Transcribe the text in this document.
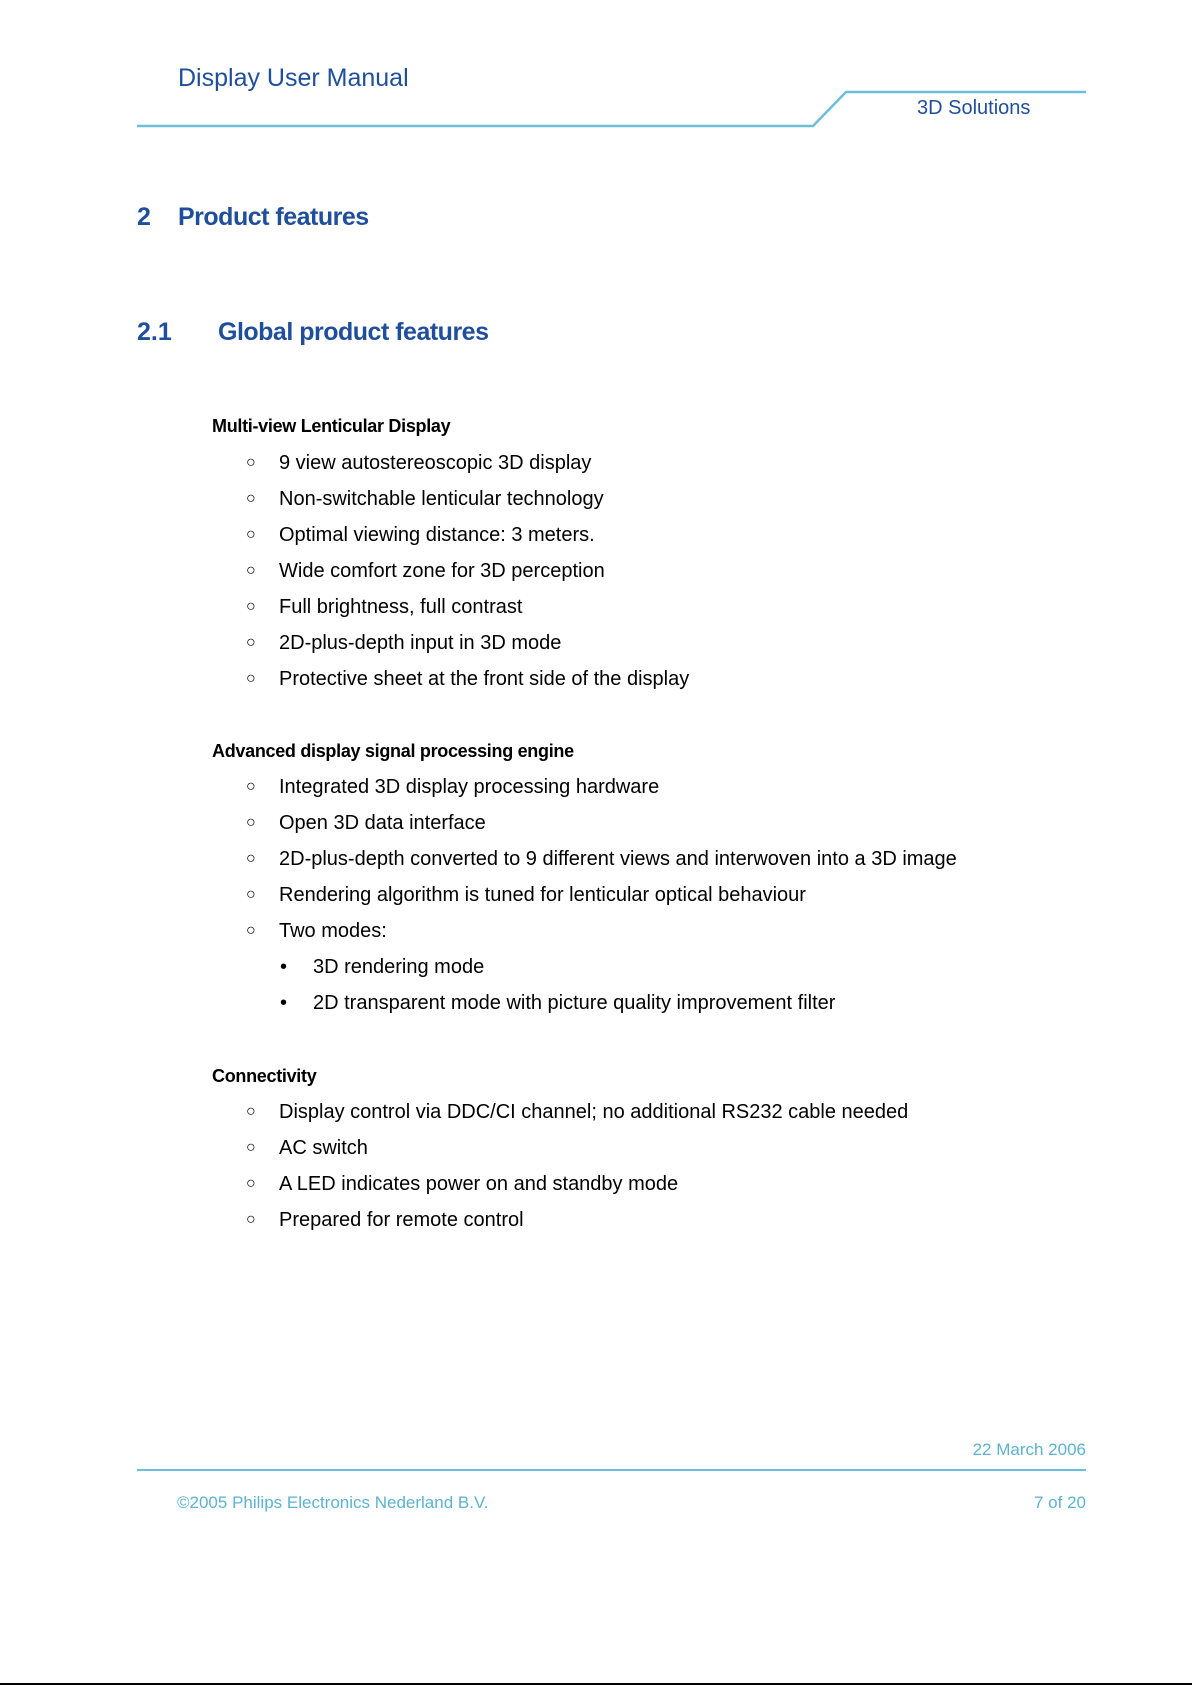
Display User Manual
3D Solutions
2 Product features
2.1 Global product features
Multi-view Lenticular Display
○ 9 view autostereoscopic 3D display
○ Non-switchable lenticular technology
○ Optimal viewing distance: 3 meters.
○ Wide comfort zone for 3D perception
○ Full brightness, full contrast
○ 2D-plus-depth input in 3D mode
○ Protective sheet at the front side of the display
Advanced display signal processing engine
○ Integrated 3D display processing hardware
○ Open 3D data interface
○ 2D-plus-depth converted to 9 different views and interwoven into a 3D image
○ Rendering algorithm is tuned for lenticular optical behaviour
○ Two modes:
• 3D rendering mode
• 2D transparent mode with picture quality improvement filter
Connectivity
○ Display control via DDC/CI channel; no additional RS232 cable needed
○ AC switch
○ A LED indicates power on and standby mode
○ Prepared for remote control
22 March 2006
©2005 Philips Electronics Nederland B.V.	7 of 20
